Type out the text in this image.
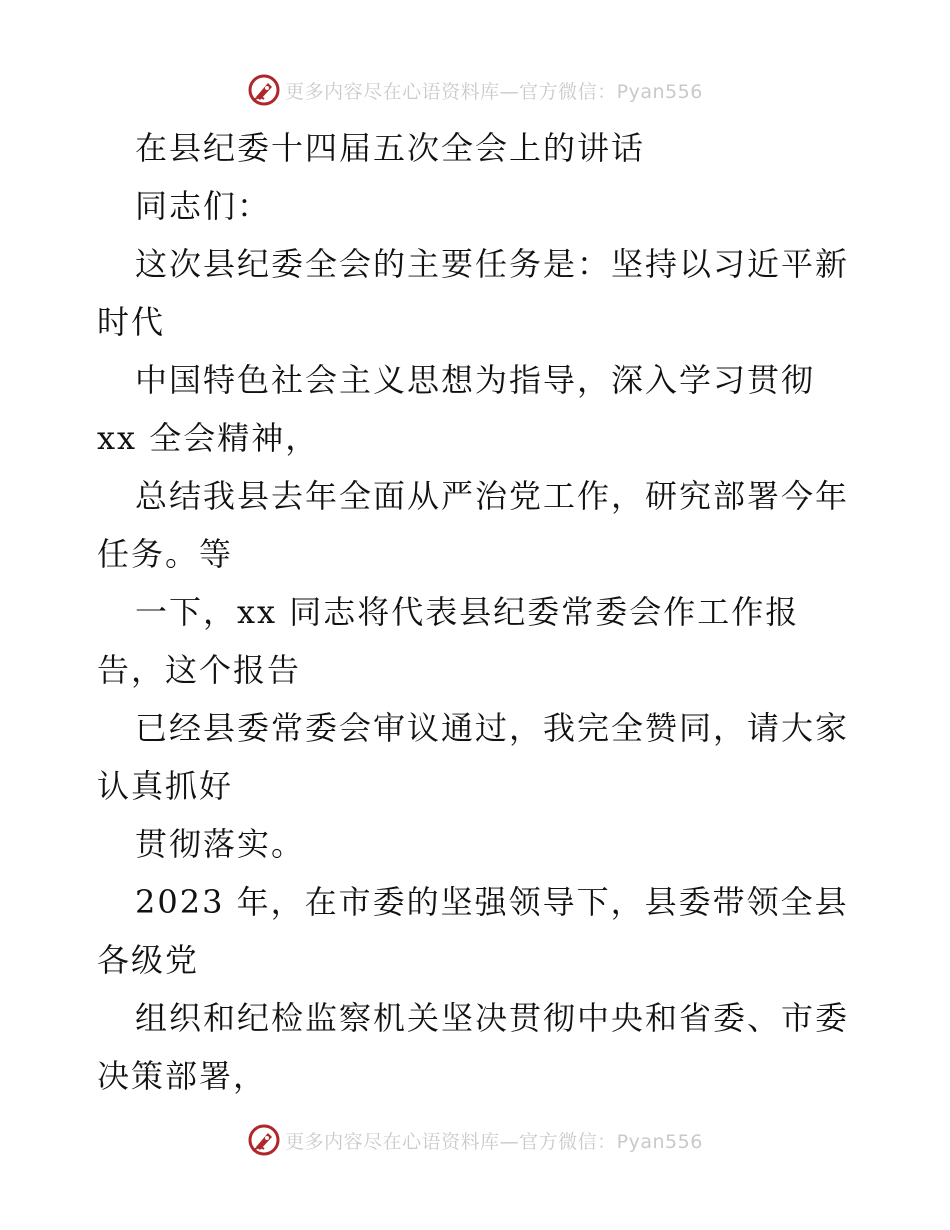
更多内容尽在心语资料库—官方微信：Pyan556
在县纪委十四届五次全会上的讲话
同志们：
这次县纪委全会的主要任务是：坚持以习近平新
时代
中国特色社会主义思想为指导，深入学习贯彻
xx 全会精神，
总结我县去年全面从严治党工作，研究部署今年
任务。等
一下，xx 同志将代表县纪委常委会作工作报
告，这个报告
已经县委常委会审议通过，我完全赞同，请大家
认真抓好
贯彻落实。
2023 年，在市委的坚强领导下，县委带领全县
各级党
组织和纪检监察机关坚决贯彻中央和省委、市委
决策部署，
更多内容尽在心语资料库—官方微信：Pyan556
